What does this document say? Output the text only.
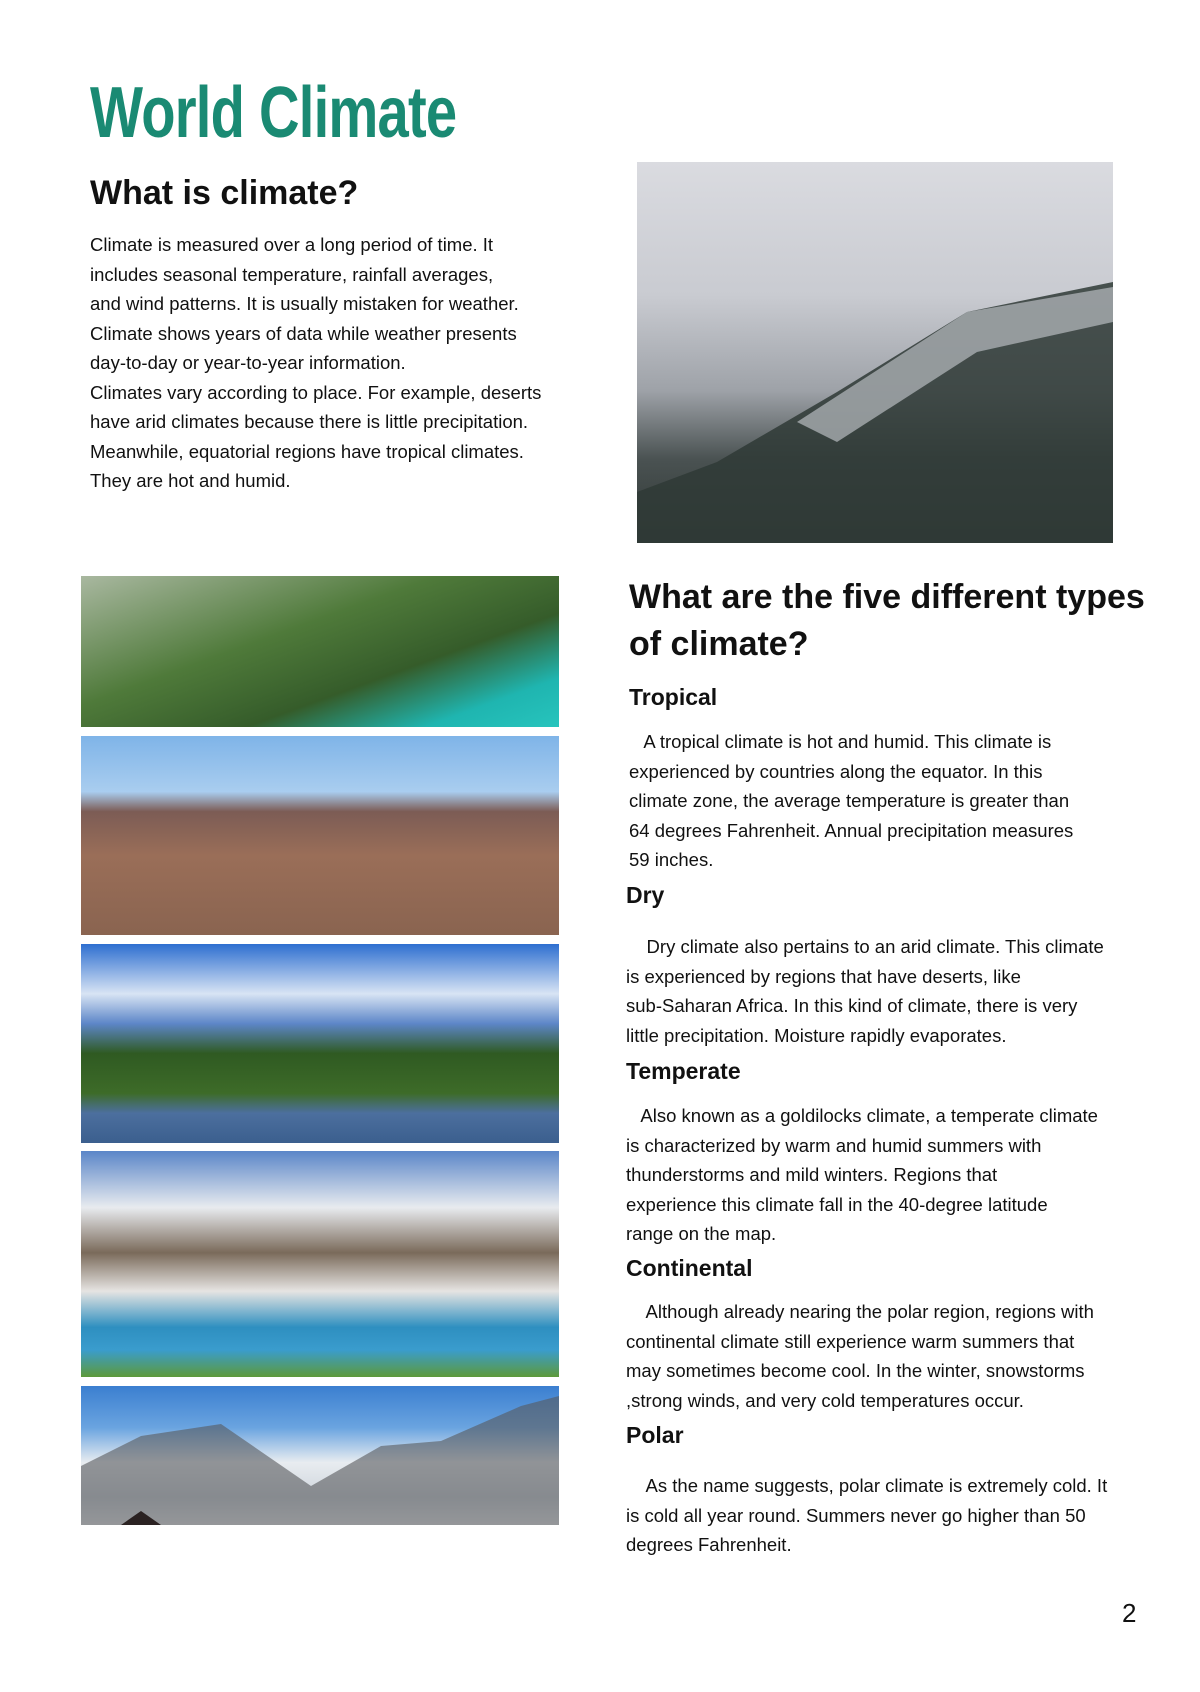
World Climate
What is climate?
Climate is measured over a long period of time. It
includes seasonal temperature, rainfall averages,
and wind patterns. It is usually mistaken for weather.
Climate shows years of data while weather presents
day-to-day or year-to-year information.
Climates vary according to place. For example, deserts
have arid climates because there is little precipitation.
Meanwhile, equatorial regions have tropical climates.
They are hot and humid.
What are the five different types
of climate?
Tropical
A tropical climate is hot and humid. This climate is
experienced by countries along the equator. In this
climate zone, the average temperature is greater than
64 degrees Fahrenheit. Annual precipitation measures
59 inches.
Dry
Dry climate also pertains to an arid climate. This climate
is experienced by regions that have deserts, like
sub-Saharan Africa. In this kind of climate, there is very
little precipitation. Moisture rapidly evaporates.
Temperate
Also known as a goldilocks climate, a temperate climate
is characterized by warm and humid summers with
thunderstorms and mild winters. Regions that
experience this climate fall in the 40-degree latitude
range on the map.
Continental
Although already nearing the polar region, regions with
continental climate still experience warm summers that
may sometimes become cool. In the winter, snowstorms
,strong winds, and very cold temperatures occur.
Polar
As the name suggests, polar climate is extremely cold. It
is cold all year round. Summers never go higher than 50
degrees Fahrenheit.
2
